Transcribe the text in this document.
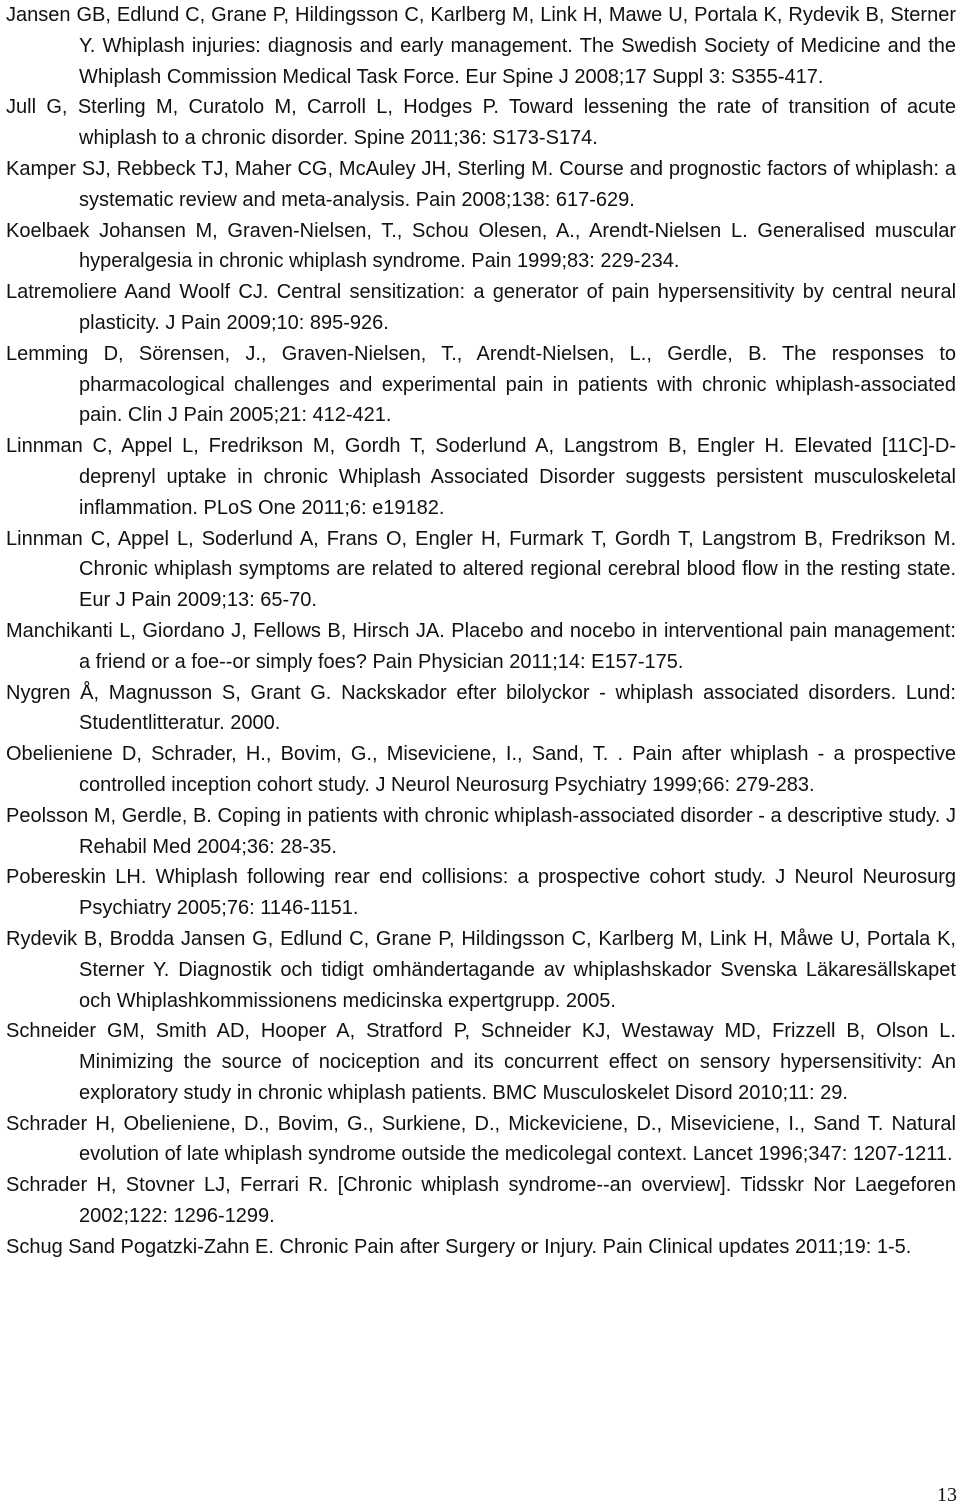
Jansen GB, Edlund C, Grane P, Hildingsson C, Karlberg M, Link H, Mawe U, Portala K, Rydevik B, Sterner Y. Whiplash injuries: diagnosis and early management. The Swedish Society of Medicine and the Whiplash Commission Medical Task Force. Eur Spine J 2008;17 Suppl 3: S355-417.
Jull G, Sterling M, Curatolo M, Carroll L, Hodges P. Toward lessening the rate of transition of acute whiplash to a chronic disorder. Spine 2011;36: S173-S174.
Kamper SJ, Rebbeck TJ, Maher CG, McAuley JH, Sterling M. Course and prognostic factors of whiplash: a systematic review and meta-analysis. Pain 2008;138: 617-629.
Koelbaek Johansen M, Graven-Nielsen, T., Schou Olesen, A., Arendt-Nielsen L. Generalised muscular hyperalgesia in chronic whiplash syndrome. Pain 1999;83: 229-234.
Latremoliere Aand Woolf CJ. Central sensitization: a generator of pain hypersensitivity by central neural plasticity. J Pain 2009;10: 895-926.
Lemming D, Sörensen, J., Graven-Nielsen, T., Arendt-Nielsen, L., Gerdle, B. The responses to pharmacological challenges and experimental pain in patients with chronic whiplash-associated pain. Clin J Pain 2005;21: 412-421.
Linnman C, Appel L, Fredrikson M, Gordh T, Soderlund A, Langstrom B, Engler H. Elevated [11C]-D-deprenyl uptake in chronic Whiplash Associated Disorder suggests persistent musculoskeletal inflammation. PLoS One 2011;6: e19182.
Linnman C, Appel L, Soderlund A, Frans O, Engler H, Furmark T, Gordh T, Langstrom B, Fredrikson M. Chronic whiplash symptoms are related to altered regional cerebral blood flow in the resting state. Eur J Pain 2009;13: 65-70.
Manchikanti L, Giordano J, Fellows B, Hirsch JA. Placebo and nocebo in interventional pain management: a friend or a foe--or simply foes? Pain Physician 2011;14: E157-175.
Nygren Å, Magnusson S, Grant G. Nackskador efter bilolyckor - whiplash associated disorders. Lund: Studentlitteratur. 2000.
Obelieniene D, Schrader, H., Bovim, G., Miseviciene, I., Sand, T. . Pain after whiplash - a prospective controlled inception cohort study. J Neurol Neurosurg Psychiatry 1999;66: 279-283.
Peolsson M, Gerdle, B. Coping in patients with chronic whiplash-associated disorder - a descriptive study. J Rehabil Med 2004;36: 28-35.
Pobereskin LH. Whiplash following rear end collisions: a prospective cohort study. J Neurol Neurosurg Psychiatry 2005;76: 1146-1151.
Rydevik B, Brodda Jansen G, Edlund C, Grane P, Hildingsson C, Karlberg M, Link H, Måwe U, Portala K, Sterner Y. Diagnostik och tidigt omhändertagande av whiplashskador Svenska Läkaresällskapet och Whiplashkommissionens medicinska expertgrupp. 2005.
Schneider GM, Smith AD, Hooper A, Stratford P, Schneider KJ, Westaway MD, Frizzell B, Olson L. Minimizing the source of nociception and its concurrent effect on sensory hypersensitivity: An exploratory study in chronic whiplash patients. BMC Musculoskelet Disord 2010;11: 29.
Schrader H, Obelieniene, D., Bovim, G., Surkiene, D., Mickeviciene, D., Miseviciene, I., Sand T. Natural evolution of late whiplash syndrome outside the medicolegal context. Lancet 1996;347: 1207-1211.
Schrader H, Stovner LJ, Ferrari R. [Chronic whiplash syndrome--an overview]. Tidsskr Nor Laegeforen 2002;122: 1296-1299.
Schug Sand Pogatzki-Zahn E. Chronic Pain after Surgery or Injury. Pain Clinical updates 2011;19: 1-5.
13
